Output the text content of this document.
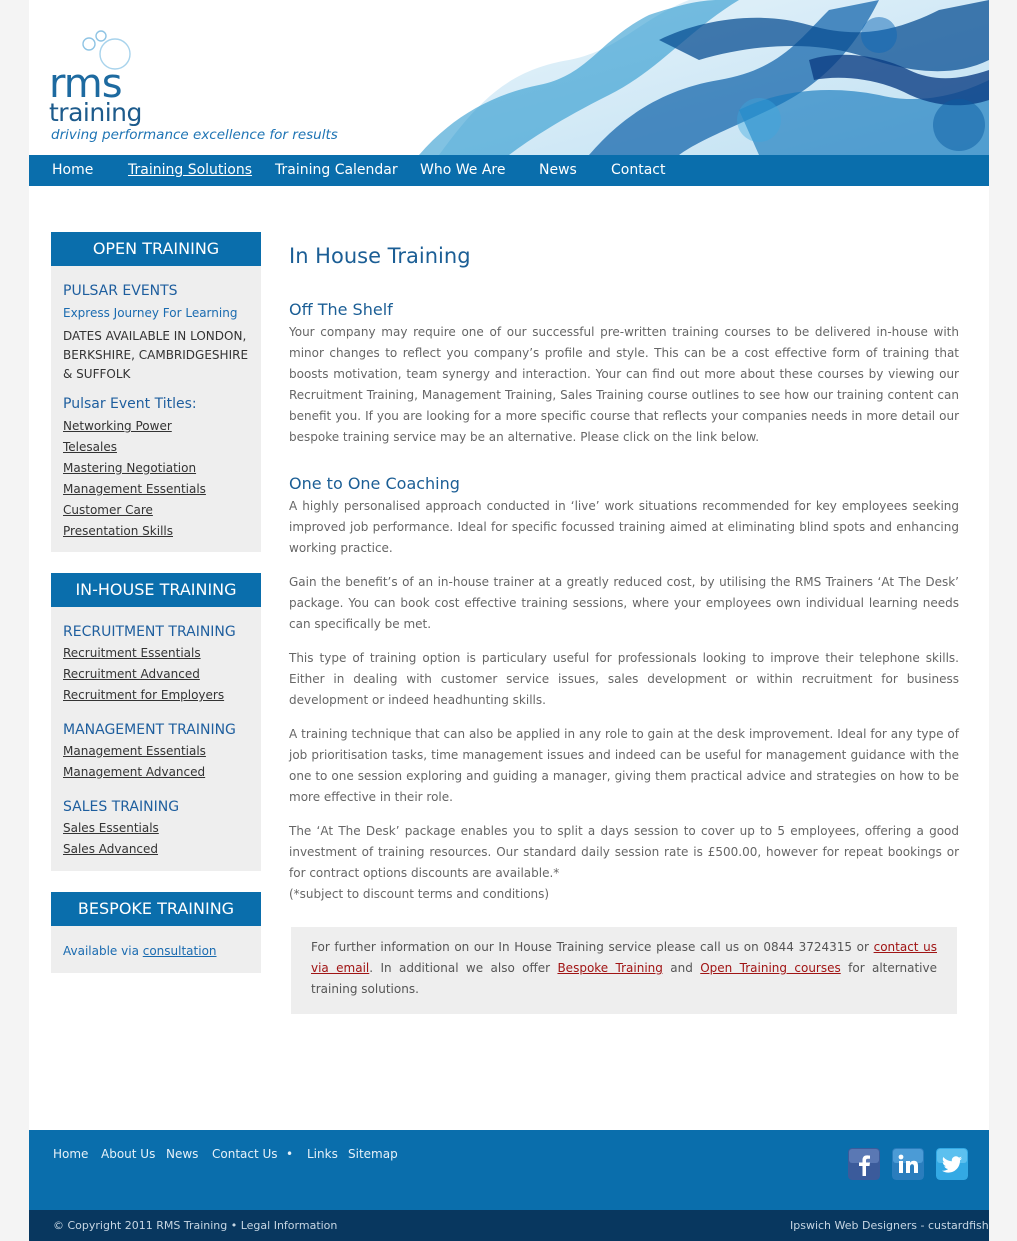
rms
training
driving performance excellence for results
Home Training Solutions Training Calendar Who We Are News Contact
OPEN TRAINING
PULSAR EVENTS
Express Journey For Learning
DATES AVAILABLE IN LONDON, BERKSHIRE, CAMBRIDGESHIRE & SUFFOLK
Pulsar Event Titles:
Networking Power
Telesales
Mastering Negotiation
Management Essentials
Customer Care
Presentation Skills
IN-HOUSE TRAINING
RECRUITMENT TRAINING
Recruitment Essentials
Recruitment Advanced
Recruitment for Employers
MANAGEMENT TRAINING
Management Essentials
Management Advanced
SALES TRAINING
Sales Essentials
Sales Advanced
BESPOKE TRAINING
Available via consultation
In House Training
Off The Shelf
Your company may require one of our successful pre-written training courses to be delivered in-house with minor changes to reflect you company’s profile and style. This can be a cost effective form of training that boosts motivation, team synergy and interaction. Your can find out more about these courses by viewing our Recruitment Training, Management Training, Sales Training course outlines to see how our training content can benefit you. If you are looking for a more specific course that reflects your companies needs in more detail our bespoke training service may be an alternative. Please click on the link below.
One to One Coaching
A highly personalised approach conducted in ‘live’ work situations recommended for key employees seeking improved job performance. Ideal for specific focussed training aimed at eliminating blind spots and enhancing working practice.
Gain the benefit’s of an in-house trainer at a greatly reduced cost, by utilising the RMS Trainers ‘At The Desk’ package. You can book cost effective training sessions, where your employees own individual learning needs can specifically be met.
This type of training option is particulary useful for professionals looking to improve their telephone skills. Either in dealing with customer service issues, sales development or within recruitment for business development or indeed headhunting skills.
A training technique that can also be applied in any role to gain at the desk improvement. Ideal for any type of job prioritisation tasks, time management issues and indeed can be useful for management guidance with the one to one session exploring and guiding a manager, giving them practical advice and strategies on how to be more effective in their role.
The ‘At The Desk’ package enables you to split a days session to cover up to 5 employees, offering a good investment of training resources. Our standard daily session rate is £500.00, however for repeat bookings or for contract options discounts are available.*
(*subject to discount terms and conditions)
For further information on our In House Training service please call us on 0844 3724315 or contact us via email. In additional we also offer Bespoke Training and Open Training courses for alternative training solutions.
Home About Us News Contact Us • Links Sitemap
© Copyright 2011 RMS Training • Legal Information	Ipswich Web Designers - custardfish
